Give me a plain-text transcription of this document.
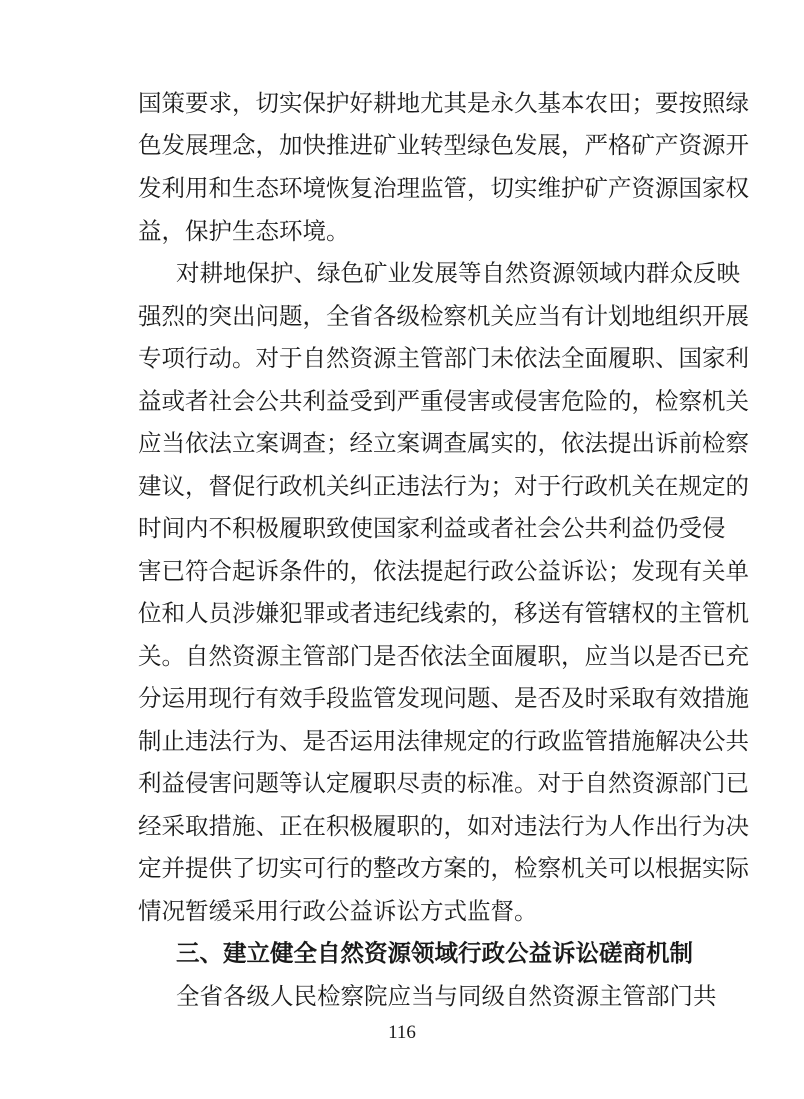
国策要求，切实保护好耕地尤其是永久基本农田；要按照绿
色发展理念，加快推进矿业转型绿色发展，严格矿产资源开
发利用和生态环境恢复治理监管，切实维护矿产资源国家权
益，保护生态环境。
对耕地保护、绿色矿业发展等自然资源领域内群众反映
强烈的突出问题，全省各级检察机关应当有计划地组织开展
专项行动。对于自然资源主管部门未依法全面履职、国家利
益或者社会公共利益受到严重侵害或侵害危险的，检察机关
应当依法立案调查；经立案调查属实的，依法提出诉前检察
建议，督促行政机关纠正违法行为；对于行政机关在规定的
时间内不积极履职致使国家利益或者社会公共利益仍受侵
害已符合起诉条件的，依法提起行政公益诉讼；发现有关单
位和人员涉嫌犯罪或者违纪线索的，移送有管辖权的主管机
关。自然资源主管部门是否依法全面履职，应当以是否已充
分运用现行有效手段监管发现问题、是否及时采取有效措施
制止违法行为、是否运用法律规定的行政监管措施解决公共
利益侵害问题等认定履职尽责的标准。对于自然资源部门已
经采取措施、正在积极履职的，如对违法行为人作出行为决
定并提供了切实可行的整改方案的，检察机关可以根据实际
情况暂缓采用行政公益诉讼方式监督。
三、建立健全自然资源领域行政公益诉讼磋商机制
全省各级人民检察院应当与同级自然资源主管部门共
116
